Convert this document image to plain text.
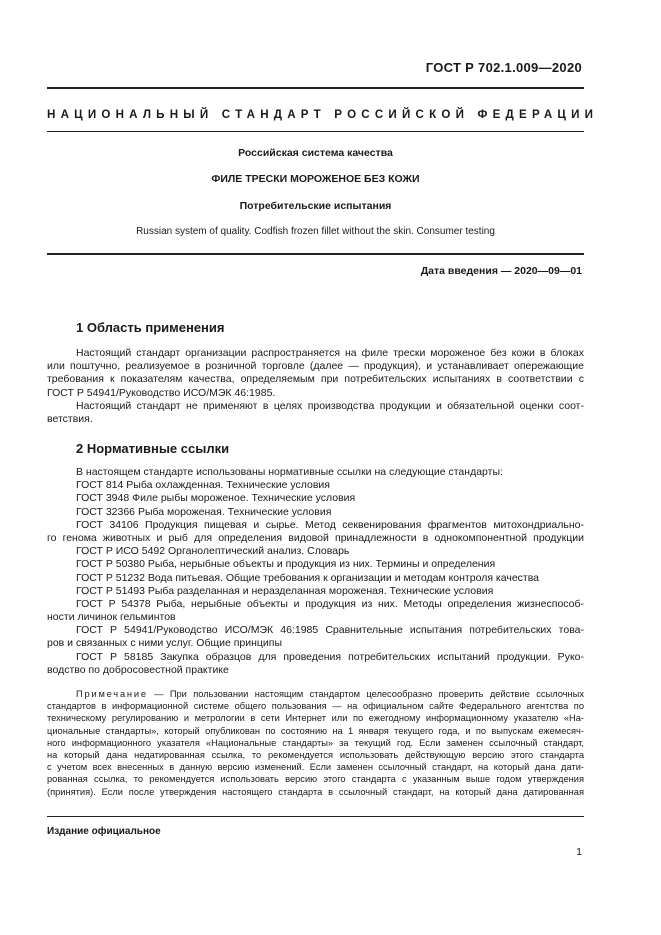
ГОСТ Р 702.1.009—2020
НАЦИОНАЛЬНЫЙ СТАНДАРТ РОССИЙСКОЙ ФЕДЕРАЦИИ
Российская система качества
ФИЛЕ ТРЕСКИ МОРОЖЕНОЕ БЕЗ КОЖИ
Потребительские испытания
Russian system of quality. Codfish frozen fillet without the skin. Consumer testing
Дата введения — 2020—09—01
1 Область применения
Настоящий стандарт организации распространяется на филе трески мороженое без кожи в блоках
или поштучно, реализуемое в розничной торговле (далее — продукция), и устанавливает опережающие
требования к показателям качества, определяемым при потребительских испытаниях в соответствии с
ГОСТ Р 54941/Руководство ИСО/МЭК 46:1985.
Настоящий стандарт не применяют в целях производства продукции и обязательной оценки соот-
ветствия.
2 Нормативные ссылки
В настоящем стандарте использованы нормативные ссылки на следующие стандарты:
ГОСТ 814 Рыба охлажденная. Технические условия
ГОСТ 3948 Филе рыбы мороженое. Технические условия
ГОСТ 32366 Рыба мороженая. Технические условия
ГОСТ 34106 Продукция пищевая и сырье. Метод секвенирования фрагментов митохондриально-
го генома животных и рыб для определения видовой принадлежности в однокомпонентной продукции
ГОСТ Р ИСО 5492 Органолептический анализ. Словарь
ГОСТ Р 50380 Рыба, нерыбные объекты и продукция из них. Термины и определения
ГОСТ Р 51232 Вода питьевая. Общие требования к организации и методам контроля качества
ГОСТ Р 51493 Рыба разделанная и неразделанная мороженая. Технические условия
ГОСТ Р 54378 Рыба, нерыбные объекты и продукция из них. Методы определения жизнеспособ-
ности личинок гельминтов
ГОСТ Р 54941/Руководство ИСО/МЭК 46:1985 Сравнительные испытания потребительских това-
ров и связанных с ними услуг. Общие принципы
ГОСТ Р 58185 Закупка образцов для проведения потребительских испытаний продукции. Руко-
водство по добросовестной практике
Примечание — При пользовании настоящим стандартом целесообразно проверить действие ссылочных
стандартов в информационной системе общего пользования — на официальном сайте Федерального агентства по
техническому регулированию и метрологии в сети Интернет или по ежегодному информационному указателю «На-
циональные стандарты», который опубликован по состоянию на 1 января текущего года, и по выпускам ежемесяч-
ного информационного указателя «Национальные стандарты» за текущий год. Если заменен ссылочный стандарт,
на который дана недатированная ссылка, то рекомендуется использовать действующую версию этого стандарта
с учетом всех внесенных в данную версию изменений. Если заменен ссылочный стандарт, на который дана дати-
рованная ссылка, то рекомендуется использовать версию этого стандарта с указанным выше годом утверждения
(принятия). Если после утверждения настоящего стандарта в ссылочный стандарт, на который дана датированная
Издание официальное
1
